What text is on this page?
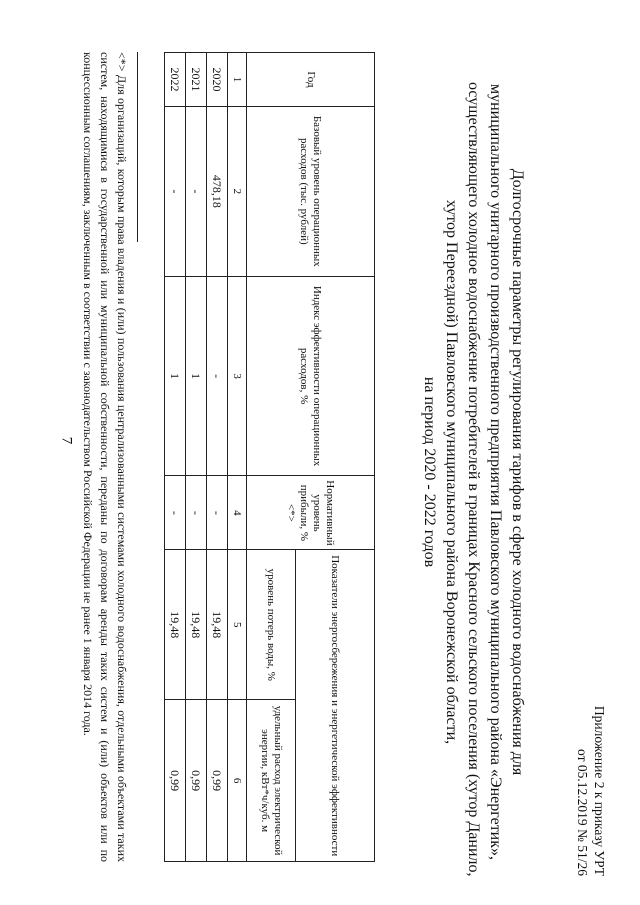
7
Приложение 2 к приказу УРТ
от 05.12.2019 № 51/26
Долгосрочные параметры регулирования тарифов в сфере холодного водоснабжения для
муниципального унитарного производственного предприятия Павловского муниципального района «Энергетик»,
осуществляющего холодное водоснабжение потребителей в границах Красного сельского поселения (хутор Данило,
хутор Переездной) Павловского муниципального района Воронежской области,
на период 2020 - 2022 годов
Год	Базовый уровень операционных расходов (тыс. рублей)	Индекс эффективности операционных расходов, %	Нормативный уровень прибыли, % <*>	Показатели энергосбережения и энергетической эффективности	
				уровень потерь воды, %	удельный расход электрической энергии, кВт*ч/куб. м
1	2	3	4	5	6
2020	478,18	-	-	19,48	0,99
2021	-	1	-	19,48	0,99
2022	-	1	-	19,48	0,99
<*> Для организаций, которым права владения и (или) пользования централизованными системами холодного водоснабжения, отдельными объектами таких систем, находящимися в государственной или муниципальной собственности, переданы по договорам аренды таких систем и (или) объектов или по концессионным соглашениям, заключенным в соответствии с законодательством Российской Федерации не ранее 1 января 2014 года.
